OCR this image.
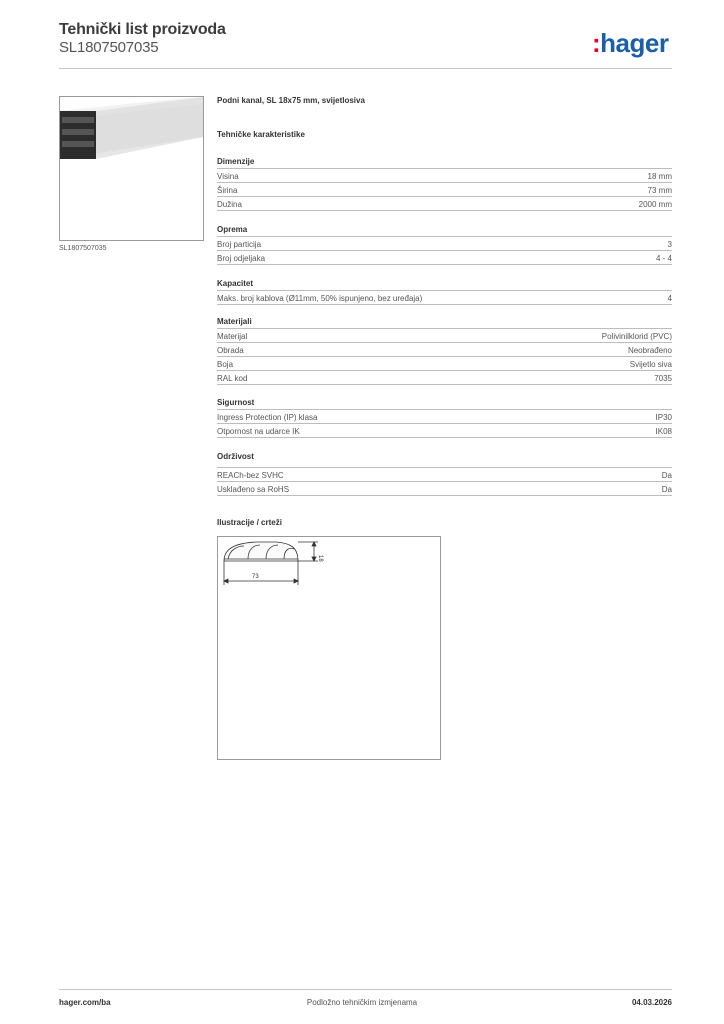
Tehnički list proizvoda
SL1807507035	:hager
SL1807507035
Podni kanal, SL 18x75 mm, svijetlosiva
Tehničke karakteristike
Dimenzije
Visina	18 mm
Širina	73 mm
Dužina	2000 mm
Oprema
Broj particija	3
Broj odjeljaka	4 - 4
Kapacitet
Maks. broj kablova (Ø11mm, 50% ispunjeno, bez uređaja)	4
Materijali
Materijal	Polivinilklorid (PVC)
Obrada	Neobrađeno
Boja	Svijetlo siva
RAL kod	7035
Sigurnost
Ingress Protection (IP) klasa	IP30
Otpornost na udarce IK	IK08
Održivost
REACh-bez SVHC	Da
Usklađeno sa RoHS	Da
Ilustracije / crteži
73
18
hager.com/ba	Podložno tehničkim izmjenama	04.03.2026
